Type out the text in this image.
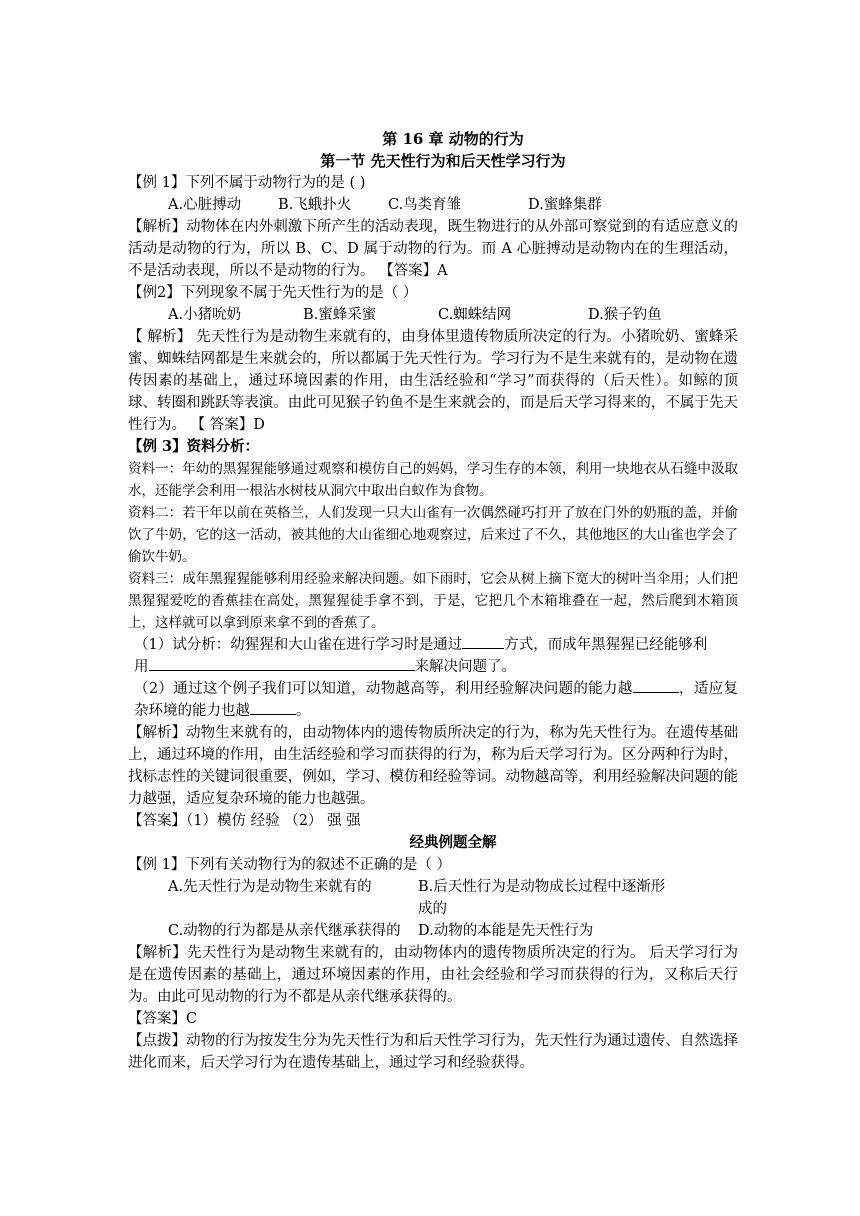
第 16 章 动物的行为
第一节 先天性行为和后天性学习行为

【例 1】下列不属于动物行为的是 ( )

A.心脏搏动	B.飞蛾扑火	C.鸟类育雏	D.蜜蜂集群

【解析】动物体在内外刺激下所产生的活动表现，既生物进行的从外部可察觉到的有适应意义的活动是动物的行为，所以 B、C、D 属于动物的行为。而 A 心脏搏动是动物内在的生理活动，不是活动表现，所以不是动物的行为。 【答案】A

【例2】下列现象不属于先天性行为的是（ ）

A.小猪吮奶	B.蜜蜂采蜜	C.蜘蛛结网	D.猴子钓鱼

【 解析】 先天性行为是动物生来就有的，由身体里遗传物质所决定的行为。小猪吮奶、蜜蜂采蜜、蜘蛛结网都是生来就会的，所以都属于先天性行为。学习行为不是生来就有的，是动物在遗传因素的基础上，通过环境因素的作用，由生活经验和“学习”而获得的（后天性）。如鲸的顶球、转圈和跳跃等表演。由此可见猴子钓鱼不是生来就会的，而是后天学习得来的，不属于先天性行为。 【 答案】D

【例 3】资料分析：

资料一：年幼的黑猩猩能够通过观察和模仿自己的妈妈，学习生存的本领，利用一块地衣从石缝中汲取水，还能学会利用一根沾水树枝从洞穴中取出白蚁作为食物。

资料二：若干年以前在英格兰，人们发现一只大山雀有一次偶然碰巧打开了放在门外的奶瓶的盖，并偷饮了牛奶，它的这一活动，被其他的大山雀细心地观察过，后来过了不久，其他地区的大山雀也学会了偷饮牛奶。

资料三：成年黑猩猩能够利用经验来解决问题。如下雨时，它会从树上摘下宽大的树叶当伞用；人们把黑猩猩爱吃的香蕉挂在高处，黑猩猩徒手拿不到，于是，它把几个木箱堆叠在一起，然后爬到木箱顶上，这样就可以拿到原来拿不到的香蕉了。

（1）试分析：幼猩猩和大山雀在进行学习时是通过	方式，而成年黑猩猩已经能够利
用	来解决问题了。

（2）通过这个例子我们可以知道，动物越高等，利用经验解决问题的能力越	，适应复杂环境的能力也越	。

【解析】动物生来就有的，由动物体内的遗传物质所决定的行为，称为先天性行为。在遗传基础上，通过环境的作用，由生活经验和学习而获得的行为，称为后天学习行为。区分两种行为时，找标志性的关键词很重要，例如，学习、模仿和经验等词。动物越高等，利用经验解决问题的能力越强，适应复杂环境的能力也越强。

【答案】（1）模仿 经验 （2） 强 强

经典例题全解

【例 1】下列有关动物行为的叙述不正确的是（ ）

A.先天性行为是动物生来就有的	B.后天性行为是动物成长过程中逐渐形成的
C.动物的行为都是从亲代继承获得的	D.动物的本能是先天性行为

【解析】先天性行为是动物生来就有的，由动物体内的遗传物质所决定的行为。 后天学习行为是在遗传因素的基础上，通过环境因素的作用，由社会经验和学习而获得的行为，又称后天行为。由此可见动物的行为不都是从亲代继承获得的。

【答案】C

【点拨】动物的行为按发生分为先天性行为和后天性学习行为，先天性行为通过遗传、自然选择进化而来，后天学习行为在遗传基础上，通过学习和经验获得。
